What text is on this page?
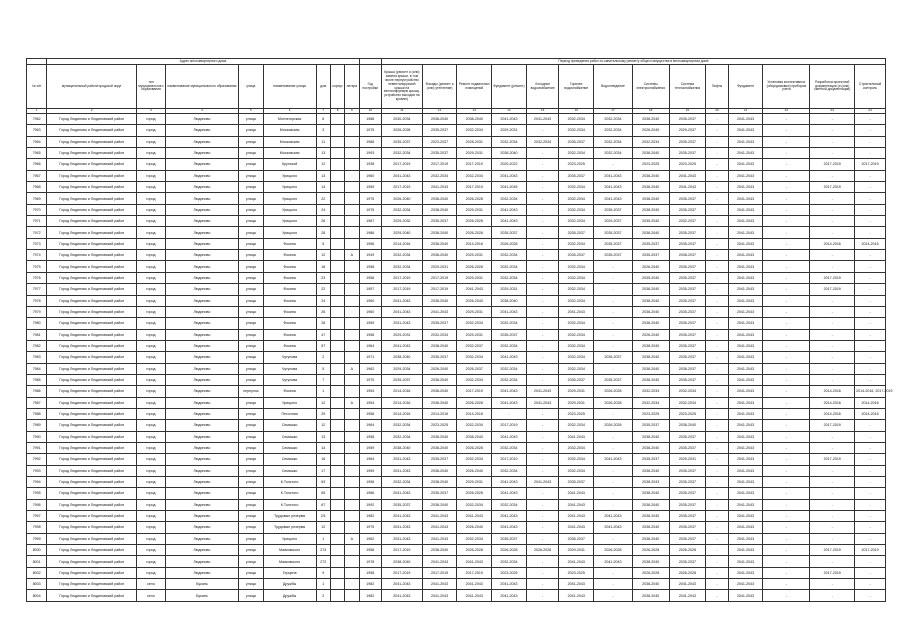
	Адрес многоквартирного дома									Период проведения работ по капитальному ремонту общего имущества в многоквартирном доме													
№ п/п	муниципальный район/городской округ	тип муниципального образования	наименование муниципального образования	улица	наименование улицы	дом	корпус	литера	Год постройки	Крыша (ремонт и (или) замена крыши, в том числе переустройство невентилируемой крыши на вентилируемую крышу, устройство выходов на кровлю)	Фасады (ремонт и (или) утепление)	Ремонт подвальных помещений	Фундамент (ремонт)	Холодное водоснабжение	Горячее водоснабжение	Водоотведение	Системы электроснабжения	Система теплоснабжения	Лифты	Фундамент	Установка коллективных (общедомовых) приборов учета	Разработка проектной документации (и (или) сметной документации)	Строительный контроль
1	2	3	4	5	6	7	8	9	10	11	12	13	14	15	16	17	18	19	20	21	22	23	24
7962	Город Людиново и Людиновский район	город	Людиново	улица	Мончегорская	6			1988	2030-2034	2038-2040	2038-2040	2041-2043	2041-2043	2032-2034	2032-2034	2038-2040	2035-2037	-	2041-2043	-	-	-
7963	Город Людиново и Людиновский район	город	Людиново	улица	Московская	3			1975	2026-2028	2035-2037	2032-2034	2029-2031	-	2032-2034	2032-2034	2026-2040	2029-2037	-	2041-2043	-	-	-
7964	Город Людиново и Людиновский район	город	Людиново	улица	Московская	11			1988	2035-2037	2023-2037	2028-2031	2032-2034	2032-2034	2035-2037	2032-2034	2032-2034	2035-2037	-	2041-2043	-	-	-
7965	Город Людиново и Людиновский район	город	Людиново	улица	Московская	13			1993	2032-2034	2035-2037	2029-2031	2038-2040	-	2032-2034	2032-2034	2038-2040	2035-2037	-	2041-2043	-	-	-
7966	Город Людиново и Людиновский район	город	Людиново	улица	Крупской	12			1938	2017-2019	2017-2019	2017-2019	2020-2022	-	2023-2025	-	2023-2025	2023-2025	-	2041-2043	-	2017-2019	2017-2019
7967	Город Людиново и Людиновский район	город	Людиново	улица	Урицкого	13			1960	2041-2043	2032-2034	2032-2034	2041-2043	-	2035-2037	2041-2043	2038-2040	2041-2043	-	2041-2043	-	-	-
7968	Город Людиново и Людиновский район	город	Людиново	улица	Урицкого	14			1959	2017-2019	2041-2043	2017-2019	2041-2045	-	2032-2034	2041-2043	2038-2040	2041-2043	-	2041-2043	-	2017-2019	-
7969	Город Людиново и Людиновский район	город	Людиново	улица	Урицкого	22			1975	2026-2040	2038-2040	2026-2028	2032-2034	-	2032-2034	2041-2043	2038-2040	2035-2037	-	2041-2043	-	-	-
7970	Город Людиново и Людиновский район	город	Людиново	улица	Урицкого	24			1975	2032-2034	2038-2040	2029-2031	2041-2043	-	2032-2034	2035-2037	2038-2040	2035-2037	-	2041-2043	-	-	-
7971	Город Людиново и Людиновский район	город	Людиново	улица	Урицкого	26			1987	2029-2032	2035-2037	2026-2028	2041-2043	-	2032-2034	2029-2037	2035-2040	2032-2037	-	2041-2043	-	-	-
7972	Город Людиново и Людиновский район	город	Людиново	улица	Урицкого	28			1986	2029-2040	2038-2040	2026-2028	2035-2037	-	2035-2037	2035-2037	2038-2040	2035-2037	-	2041-2043	-	-	-
7973	Город Людиново и Людиновский район	город	Людиново	улица	Фокина	5			1956	2014-2016	2038-2040	2014-2016	2026-2028	-	2032-2034	2035-2037	2035-2037	2035-2037	-	2041-2043	-	2014-2016	2014-2016
7974	Город Людиново и Людиновский район	город	Людиново	улица	Фокина	12		А	1949	2032-2034	2038-2040	2029-2031	2032-2034	-	2035-2037	2035-2037	2035-2037	2038-2037	-	2041-2043	-	-	-
7975	Город Людиново и Людиновский район	город	Людиново	улица	Фокина	18			1958	2032-2034	2029-2031	2026-2028	2032-2034	-	2032-2034	-	2026-2040	2035-2037	-	2041-2043	-	-	-
7976	Город Людиново и Людиновский район	город	Людиново	улица	Фокина	23			1958	2017-2019	2017-2019	2029-2031	2032-2034	-	2032-2034	-	2035-2040	2035-2037	-	2041-2043	-	2017-2019	-
7977	Город Людиново и Людиновский район	город	Людиново	улица	Фокина	22			1957	2017-2019	2017-2019	2041-2043	2029-2031	-	2032-2034	-	2038-2040	2035-2037	-	2041-2043	-	2017-2019	-
7978	Город Людиново и Людиновский район	город	Людиново	улица	Фокина	24			1960	2041-2043	2038-2040	2026-2040	2038-2040	-	2032-2034	-	2038-2040	2035-2037	-	2041-2043	-	-	-
7979	Город Людиново и Людиновский район	город	Людиново	улица	Фокина	26			1960	2041-2043	2041-2043	2029-2031	2041-2043	-	2041-2043	-	2038-2040	2035-2037	-	2041-2043	-	-	-
7980	Город Людиново и Людиновский район	город	Людиново	улица	Фокина	28			1959	2041-2043	2035-2037	2032-2034	2032-2034	-	2032-2034	-	2038-2040	2035-2037	-	2041-2043	-	-	-
7981	Город Людиново и Людиновский район	город	Людиново	улица	Фокина	47			1958	2029-2031	2032-2034	2029-2031	2035-2037	-	2032-2034	-	2026-2040	2035-2037	-	2041-2043	-	-	-
7982	Город Людиново и Людиновский район	город	Людиново	улица	Фокина	57			1964	2041-2043	2038-2040	2032-2037	2032-2034	-	2032-2034	-	2038-2040	2035-2037	-	2041-2043	-	-	-
7983	Город Людиново и Людиновский район	город	Людиново	улица	Чугунова	2			1971	2038-2040	2035-2037	2032-2034	2041-2043	-	2032-2034	2035-2037	2038-2040	2035-2037	-	2041-2043	-	-	-
7984	Город Людиново и Людиновский район	город	Людиново	улица	Чугунова	5		А	1962	2029-2034	2026-2040	2026-2037	2032-2034	-	2032-2034	-	2038-2040	2038-2037	-	2041-2043	-	-	-
7985	Город Людиново и Людиновский район	город	Людиново	улица	Чугунова	7			1970	2035-2037	2038-2040	2032-2034	2032-2034	-	2035-2037	2035-2037	2038-2040	2035-2037	-	2041-2043	-	-	-
7986	Город Людиново и Людиновский район	город	Людиново	переулок	Фокина	1			1954	2014-2016	2038-2040	2017-2019	2041-2043	2041-2043	2029-2031	2026-2028	2032-2034	2032-2034	-	2041-2043	-	2014-2016	2014-2016, 2017-2019
7987	Город Людиново и Людиновский район	город	Людиново	улица	Урицкого	12		А	1954	2014-2016	2038-2040	2026-2028	2041-2043	2041-2043	2029-2031	2026-2028	2032-2034	2032-2034	-	2041-2043	-	2014-2016	2014-2016
7988	Город Людиново и Людиновский район	город	Людиново	улица	Песочная	29			1958	2014-2016	2014-2016	2014-2016	-	-	2023-2025	-	2023-2025	2023-2025	-	2041-2043	-	2014-2016	2014-2016
7989	Город Людиново и Людиновский район	город	Людиново	улица	Семашко	12			1964	2032-2034	2023-2025	2032-2034	2017-2019	-	2032-2034	2026-2028	2035-2037	2038-2040	-	2041-2043	-	2017-2019	-
7990	Город Людиново и Людиновский район	город	Людиново	улица	Семашко	13			1958	2032-2034	2038-2040	2038-2040	2041-2043	-	2041-2043	-	2038-2040	2035-2037	-	2041-2043	-	-	-
7991	Город Людиново и Людиновский район	город	Людиново	улица	Семашко	14			1959	2038-2040	2038-2040	2026-2028	2032-2034	-	2032-2034	-	2038-2040	2035-2037	-	2041-2043	-	-	-
7992	Город Людиново и Людиновский район	город	Людиново	улица	Семашко	16			1964	2041-2043	2035-2037	2032-2034	2017-2019	-	2032-2034	2041-2043	2035-2037	2029-2031	-	2041-2043	-	2017-2019	-
7993	Город Людиново и Людиновский район	город	Людиново	улица	Семашко	17			1959	2041-2043	2038-2040	2026-2040	2032-2034	-	2032-2034	-	2038-2040	2035-2037	-	2041-2043	-	-	-
7994	Город Людиново и Людиновский район	город	Людиново	улица	К.Толстого	63			1958	2032-2034	2038-2040	2029-2031	2041-2043	2041-2043	2035-2037	-	2038-2043	2035-2037	-	2041-2043	-	-	-
7995	Город Людиново и Людиновский район	город	Людиново	улица	К.Толстого	65			1986	2041-2043	2035-2037	2026-2028	2041-2043	-	2041-2043	-	2038-2040	2035-2037	-	2041-2043	-	-	-
7996	Город Людиново и Людиновский район	город	Людиново	улица	К.Толстого	67			1992	2035-2037	2038-2040	2032-2034	2032-2034	-	2041-2043	-	2038-2040	2035-2037	-	2041-2043	-	-	-
7997	Город Людиново и Людиновский район	город	Людиново	улица	Трудовые резервы	2/1			1982	2041-2043	2041-2043	2041-2043	2041-2043	-	2041-2043	2041-2043	2038-2040	2035-2037	-	2041-2043	-	-	-
7998	Город Людиново и Людиновский район	город	Людиново	улица	Трудовые резервы	12			1975	2041-2043	2041-2043	2026-2040	2041-2043	-	2041-2043	2041-2043	2038-2040	2035-2037	-	2041-2043	-	-	-
7999	Город Людиново и Людиновский район	город	Людиново	улица	Урицкого	1		А	1962	2041-2043	2041-2043	2032-2034	2035-2037	-	2035-2037	-	2038-2040	2035-2037	-	2041-2043	-	-	-
8000	Город Людиново и Людиновский район	город	Людиново	улица	Маяковского	274			1958	2017-2019	2038-2040	2026-2028	2026-2028	2026-2028	2029-2031	2026-2028	2026-2028	2026-2028	-	2041-2043	-	2017-2019	2017-2019
8001	Город Людиново и Людиновский район	город	Людиново	улица	Маяковского	272			1978	2038-2040	2041-2043	2041-2043	2032-2034	-	2041-2043	2041-2043	2038-2040	2035-2037	-	2041-2043	-	-	-
8002	Город Людиново и Людиновский район	город	Людиново	улица	Герцена	9			1958	2017-2019	2017-2019	2017-2019	2023-2025	-	2023-2025	-	2026-2028	2026-2028	-	2041-2043	-	2017-2019	-
8003	Город Людиново и Людиновский район	село	Букань	улица	Дружбы	1			1982	2041-2043	2041-2043	2041-2043	2041-2043	-	2041-2043	-	2038-2040	2041-2043	-	2041-2043	-	-	-
8004	Город Людиново и Людиновский район	село	Букань	улица	Дружбы	2			1982	2041-2043	2041-2043	2041-2043	2041-2043	-	2041-2043	-	2038-2040	2041-2043	-	2041-2043	-	-	-
